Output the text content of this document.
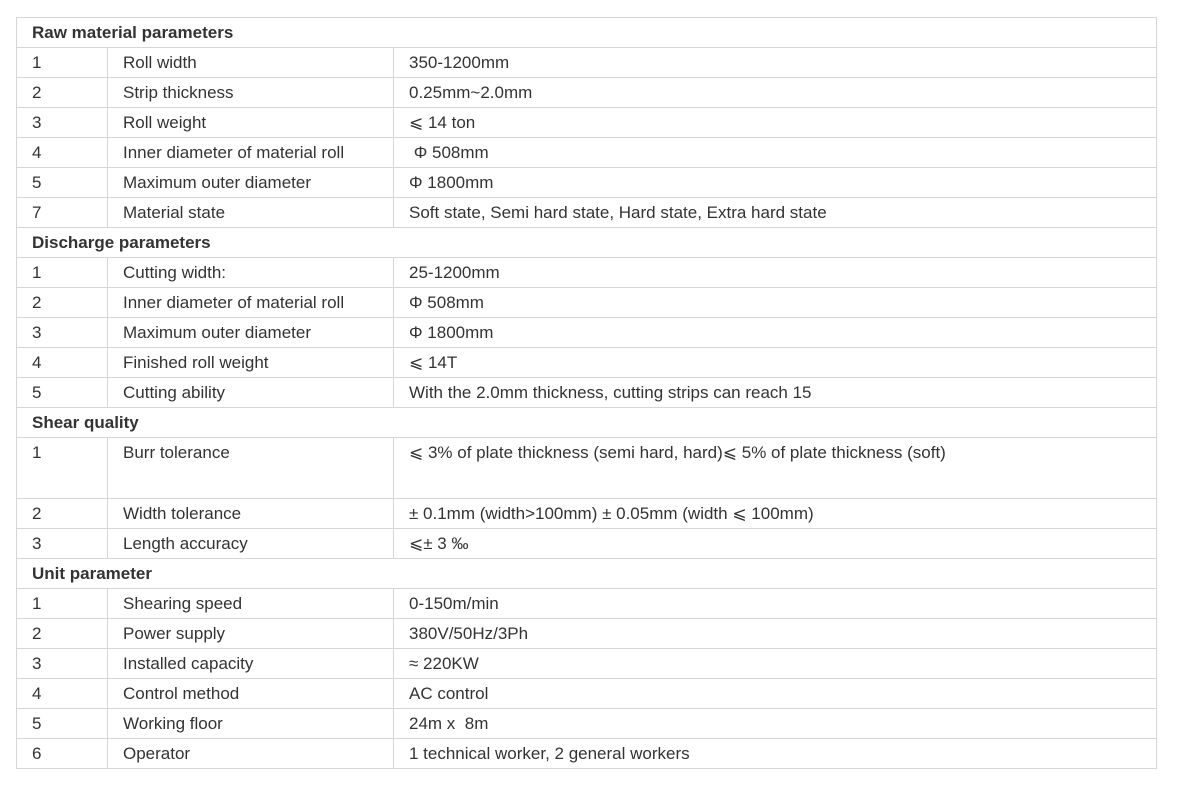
Raw material parameters		
1	Roll width	350-1200mm
2	Strip thickness	0.25mm~2.0mm
3	Roll weight	⩽ 14 ton
4	Inner diameter of material roll	Φ 508mm
5	Maximum outer diameter	Φ 1800mm
7	Material state	Soft state, Semi hard state, Hard state, Extra hard state
Discharge parameters		
1	Cutting width:	25-1200mm
2	Inner diameter of material roll	Φ 508mm
3	Maximum outer diameter	Φ 1800mm
4	Finished roll weight	⩽ 14T
5	Cutting ability	With the 2.0mm thickness, cutting strips can reach 15
Shear quality		
1	Burr tolerance	⩽ 3% of plate thickness (semi hard, hard)⩽ 5% of plate thickness (soft)
2	Width tolerance	± 0.1mm (width>100mm) ± 0.05mm (width ⩽ 100mm)
3	Length accuracy	⩽± 3 ‰
Unit parameter		
1	Shearing speed	0-150m/min
2	Power supply	380V/50Hz/3Ph
3	Installed capacity	≈ 220KW
4	Control method	AC control
5	Working floor	24m x  8m
6	Operator	1 technical worker, 2 general workers
